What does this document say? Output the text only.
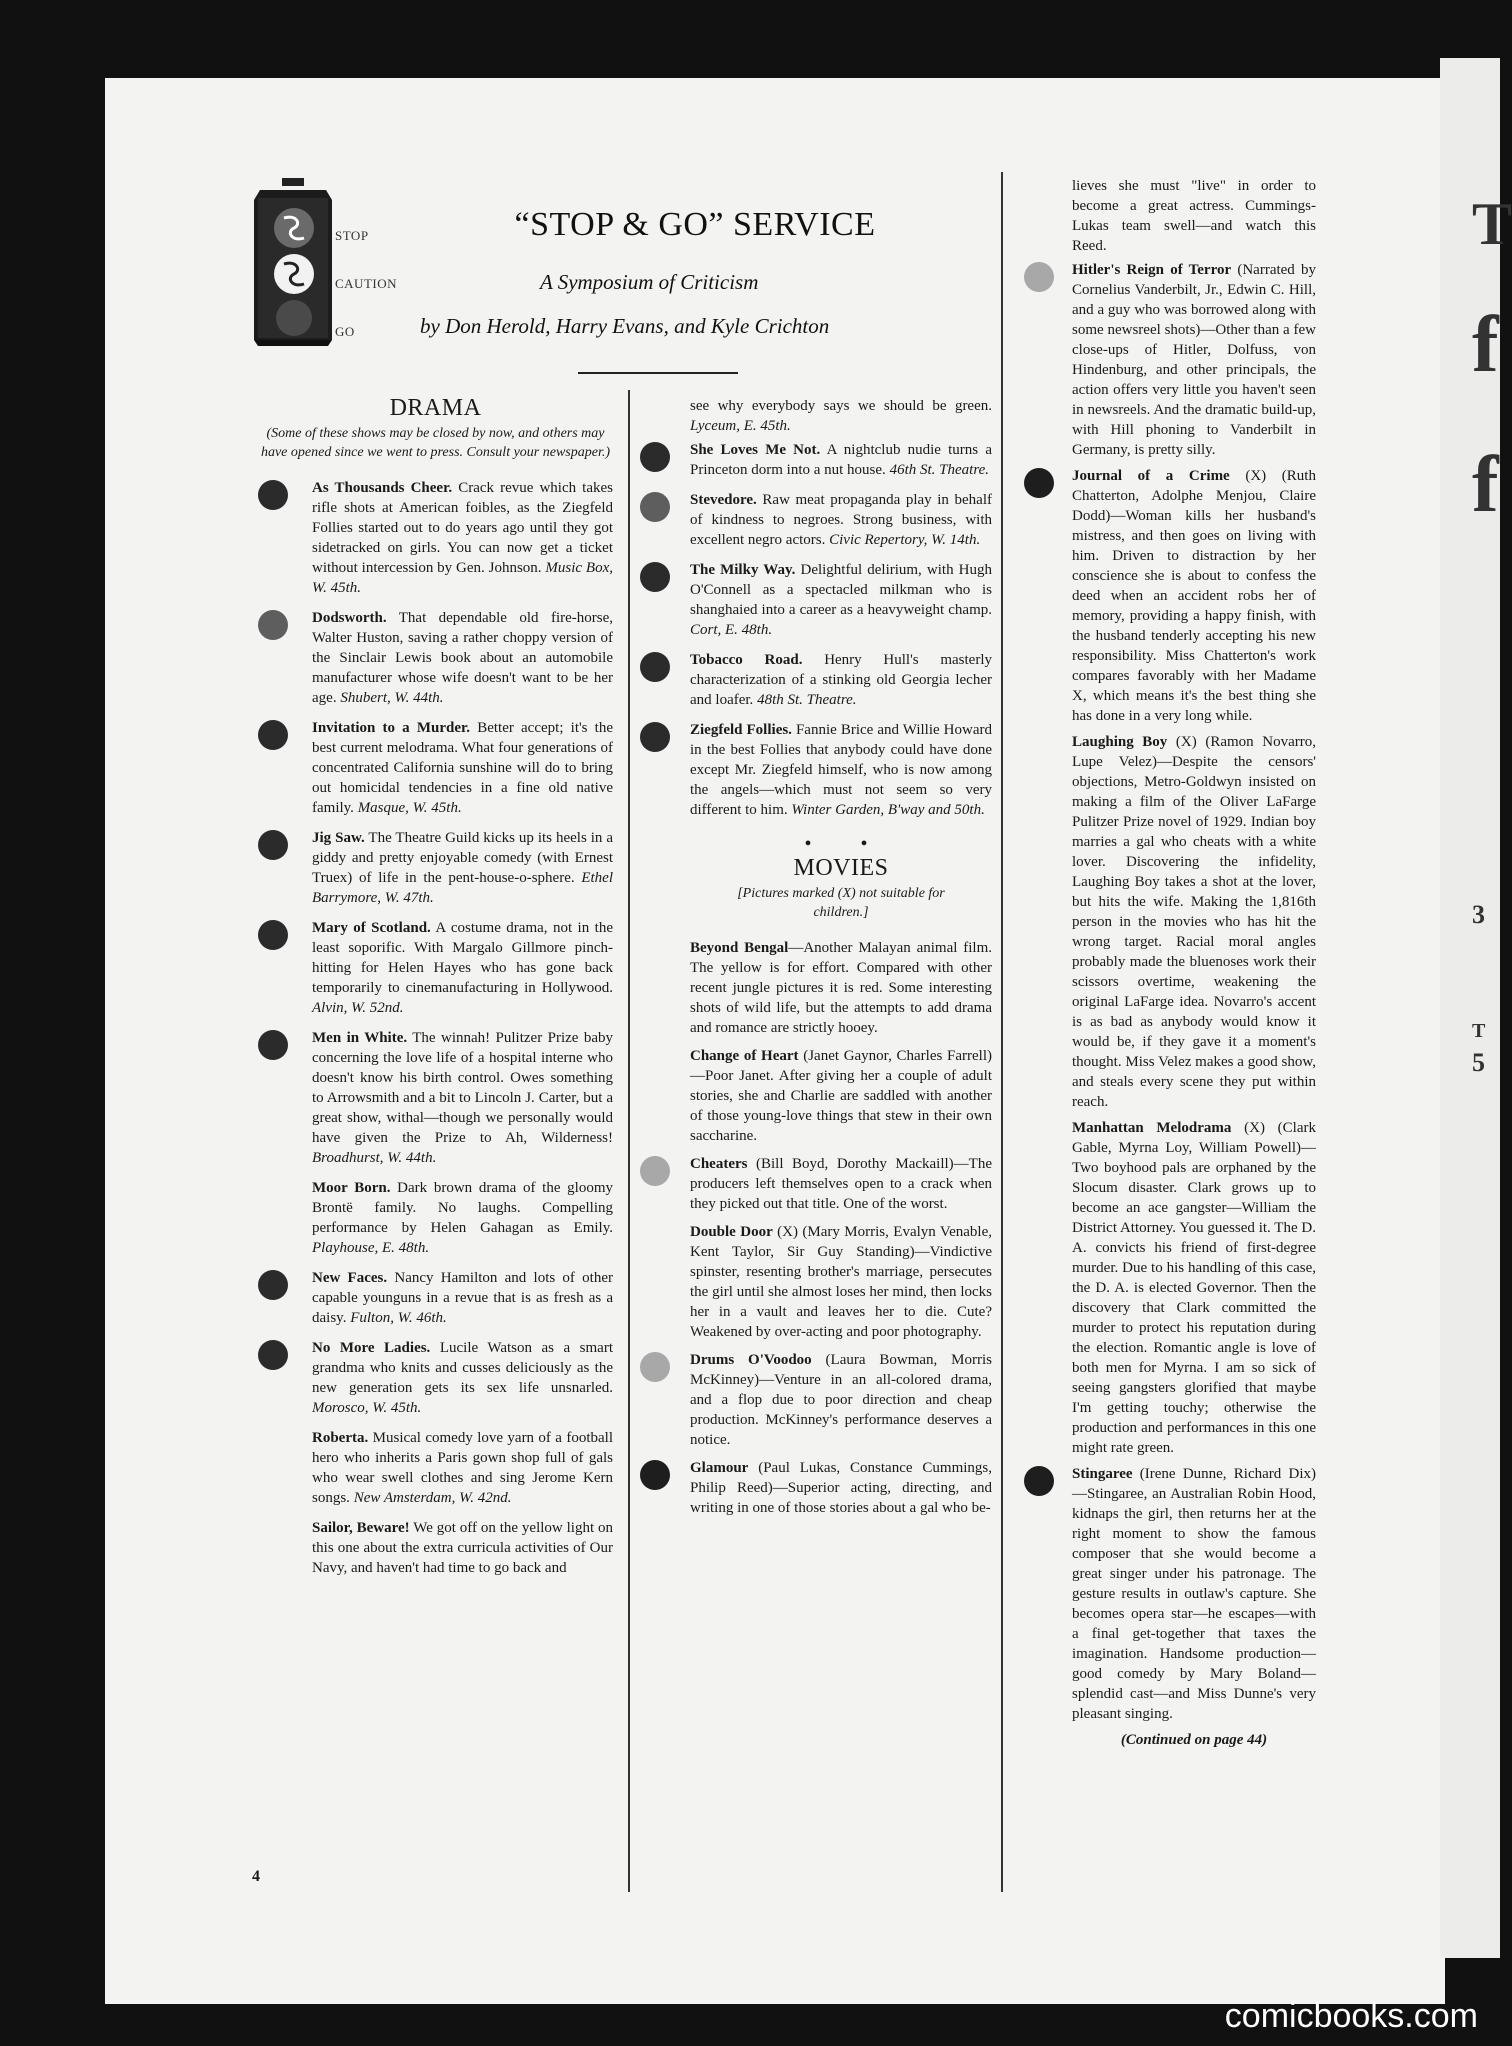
T
f
f
3
T
5
STOP
CAUTION
GO
“STOP & GO” SERVICE
A Symposium of Criticism
by Don Herold, Harry Evans, and Kyle Crichton
DRAMA
(Some of these shows may be closed by now, and others may have opened since we went to press. Consult your newspaper.)
As Thousands Cheer. Crack revue which takes rifle shots at American foibles, as the Ziegfeld Follies started out to do years ago until they got sidetracked on girls. You can now get a ticket without intercession by Gen. Johnson. Music Box, W. 45th.
Dodsworth. That dependable old fire-horse, Walter Huston, saving a rather choppy version of the Sinclair Lewis book about an automobile manufacturer whose wife doesn't want to be her age. Shubert, W. 44th.
Invitation to a Murder. Better accept; it's the best current melodrama. What four generations of concentrated California sunshine will do to bring out homicidal tendencies in a fine old native family. Masque, W. 45th.
Jig Saw. The Theatre Guild kicks up its heels in a giddy and pretty enjoyable comedy (with Ernest Truex) of life in the pent-house-o-sphere. Ethel Barrymore, W. 47th.
Mary of Scotland. A costume drama, not in the least soporific. With Margalo Gillmore pinch-hitting for Helen Hayes who has gone back temporarily to cinemanufacturing in Hollywood. Alvin, W. 52nd.
Men in White. The winnah! Pulitzer Prize baby concerning the love life of a hospital interne who doesn't know his birth control. Owes something to Arrowsmith and a bit to Lincoln J. Carter, but a great show, withal—though we personally would have given the Prize to Ah, Wilderness! Broadhurst, W. 44th.
Moor Born. Dark brown drama of the gloomy Brontë family. No laughs. Compelling performance by Helen Gahagan as Emily. Playhouse, E. 48th.
New Faces. Nancy Hamilton and lots of other capable younguns in a revue that is as fresh as a daisy. Fulton, W. 46th.
No More Ladies. Lucile Watson as a smart grandma who knits and cusses deliciously as the new generation gets its sex life unsnarled. Morosco, W. 45th.
Roberta. Musical comedy love yarn of a football hero who inherits a Paris gown shop full of gals who wear swell clothes and sing Jerome Kern songs. New Amsterdam, W. 42nd.
Sailor, Beware! We got off on the yellow light on this one about the extra curricula activities of Our Navy, and haven't had time to go back and
see why everybody says we should be green. Lyceum, E. 45th.
She Loves Me Not. A nightclub nudie turns a Princeton dorm into a nut house. 46th St. Theatre.
Stevedore. Raw meat propaganda play in behalf of kindness to negroes. Strong business, with excellent negro actors. Civic Repertory, W. 14th.
The Milky Way. Delightful delirium, with Hugh O'Connell as a spectacled milkman who is shanghaied into a career as a heavyweight champ. Cort, E. 48th.
Tobacco Road. Henry Hull's masterly characterization of a stinking old Georgia lecher and loafer. 48th St. Theatre.
Ziegfeld Follies. Fannie Brice and Willie Howard in the best Follies that anybody could have done except Mr. Ziegfeld himself, who is now among the angels—which must not seem so very different to him. Winter Garden, B'way and 50th.
• •
MOVIES
[Pictures marked (X) not suitable for children.]
Beyond Bengal—Another Malayan animal film. The yellow is for effort. Compared with other recent jungle pictures it is red. Some interesting shots of wild life, but the attempts to add drama and romance are strictly hooey.
Change of Heart (Janet Gaynor, Charles Farrell)—Poor Janet. After giving her a couple of adult stories, she and Charlie are saddled with another of those young-love things that stew in their own saccharine.
Cheaters (Bill Boyd, Dorothy Mackaill)—The producers left themselves open to a crack when they picked out that title. One of the worst.
Double Door (X) (Mary Morris, Evalyn Venable, Kent Taylor, Sir Guy Standing)—Vindictive spinster, resenting brother's marriage, persecutes the girl until she almost loses her mind, then locks her in a vault and leaves her to die. Cute? Weakened by over-acting and poor photography.
Drums O'Voodoo (Laura Bowman, Morris McKinney)—Venture in an all-colored drama, and a flop due to poor direction and cheap production. McKinney's performance deserves a notice.
Glamour (Paul Lukas, Constance Cummings, Philip Reed)—Superior acting, directing, and writing in one of those stories about a gal who be-
lieves she must "live" in order to become a great actress. Cummings-Lukas team swell—and watch this Reed.
Hitler's Reign of Terror (Narrated by Cornelius Vanderbilt, Jr., Edwin C. Hill, and a guy who was borrowed along with some newsreel shots)—Other than a few close-ups of Hitler, Dolfuss, von Hindenburg, and other principals, the action offers very little you haven't seen in newsreels. And the dramatic build-up, with Hill phoning to Vanderbilt in Germany, is pretty silly.
Journal of a Crime (X) (Ruth Chatterton, Adolphe Menjou, Claire Dodd)—Woman kills her husband's mistress, and then goes on living with him. Driven to distraction by her conscience she is about to confess the deed when an accident robs her of memory, providing a happy finish, with the husband tenderly accepting his new responsibility. Miss Chatterton's work compares favorably with her Madame X, which means it's the best thing she has done in a very long while.
Laughing Boy (X) (Ramon Novarro, Lupe Velez)—Despite the censors' objections, Metro-Goldwyn insisted on making a film of the Oliver LaFarge Pulitzer Prize novel of 1929. Indian boy marries a gal who cheats with a white lover. Discovering the infidelity, Laughing Boy takes a shot at the lover, but hits the wife. Making the 1,816th person in the movies who has hit the wrong target. Racial moral angles probably made the bluenoses work their scissors overtime, weakening the original LaFarge idea. Novarro's accent is as bad as anybody would know it would be, if they gave it a moment's thought. Miss Velez makes a good show, and steals every scene they put within reach.
Manhattan Melodrama (X) (Clark Gable, Myrna Loy, William Powell)—Two boyhood pals are orphaned by the Slocum disaster. Clark grows up to become an ace gangster—William the District Attorney. You guessed it. The D. A. convicts his friend of first-degree murder. Due to his handling of this case, the D. A. is elected Governor. Then the discovery that Clark committed the murder to protect his reputation during the election. Romantic angle is love of both men for Myrna. I am so sick of seeing gangsters glorified that maybe I'm getting touchy; otherwise the production and performances in this one might rate green.
Stingaree (Irene Dunne, Richard Dix)—Stingaree, an Australian Robin Hood, kidnaps the girl, then returns her at the right moment to show the famous composer that she would become a great singer under his patronage. The gesture results in outlaw's capture. She becomes opera star—he escapes—with a final get-together that taxes the imagination. Handsome production—good comedy by Mary Boland—splendid cast—and Miss Dunne's very pleasant singing.
(Continued on page 44)
4
comicbooks.com
